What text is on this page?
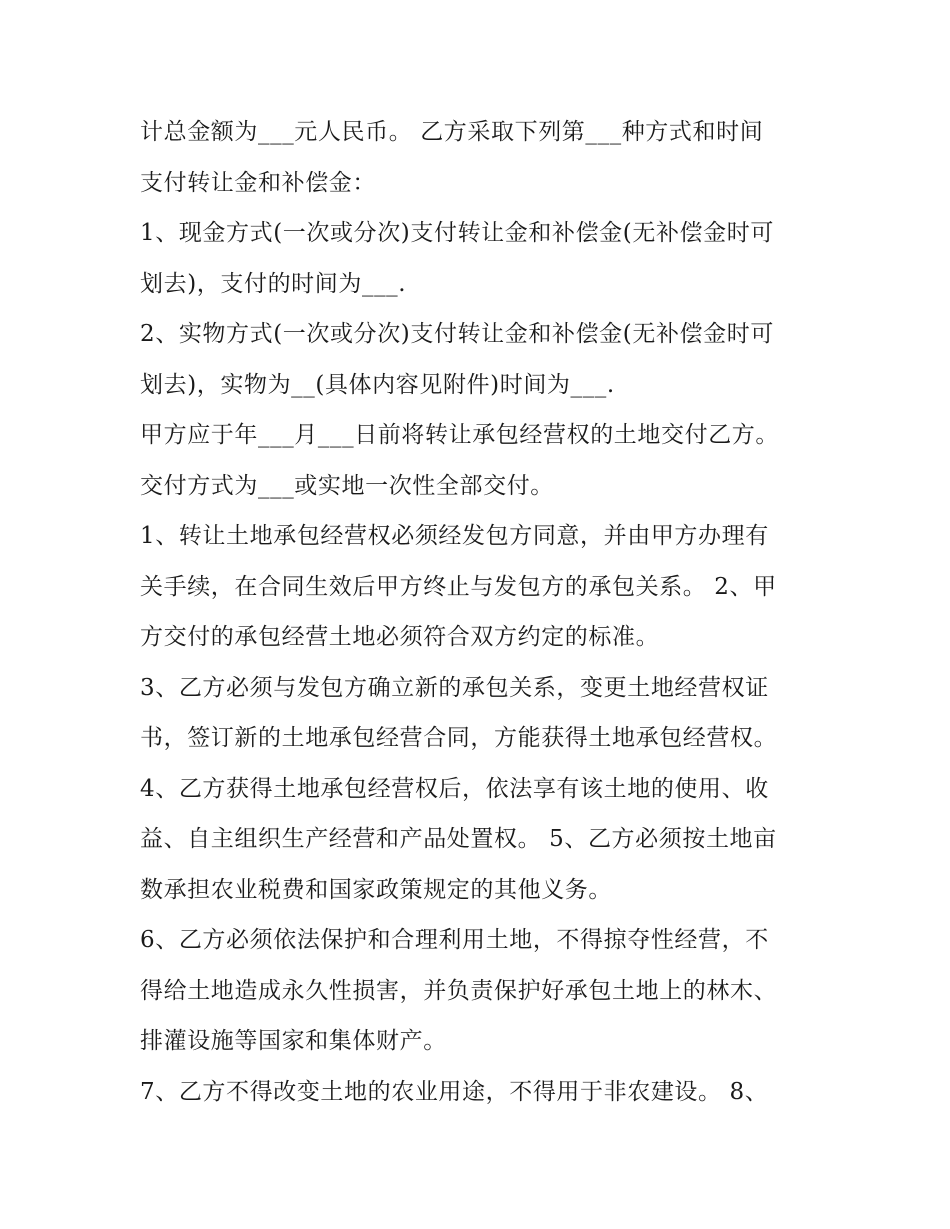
计总金额为___元人民币。 乙方采取下列第___种方式和时间
支付转让金和补偿金：
1、现金方式(一次或分次)支付转让金和补偿金(无补偿金时可
划去)，支付的时间为___.
2、实物方式(一次或分次)支付转让金和补偿金(无补偿金时可
划去)，实物为__(具体内容见附件)时间为___.
甲方应于年___月___日前将转让承包经营权的土地交付乙方。
交付方式为___或实地一次性全部交付。
1、转让土地承包经营权必须经发包方同意，并由甲方办理有
关手续，在合同生效后甲方终止与发包方的承包关系。 2、甲
方交付的承包经营土地必须符合双方约定的标准。
3、乙方必须与发包方确立新的承包关系，变更土地经营权证
书，签订新的土地承包经营合同，方能获得土地承包经营权。
4、乙方获得土地承包经营权后，依法享有该土地的使用、收
益、自主组织生产经营和产品处置权。 5、乙方必须按土地亩
数承担农业税费和国家政策规定的其他义务。
6、乙方必须依法保护和合理利用土地，不得掠夺性经营，不
得给土地造成永久性损害，并负责保护好承包土地上的林木、
排灌设施等国家和集体财产。
7、乙方不得改变土地的农业用途，不得用于非农建设。 8、
